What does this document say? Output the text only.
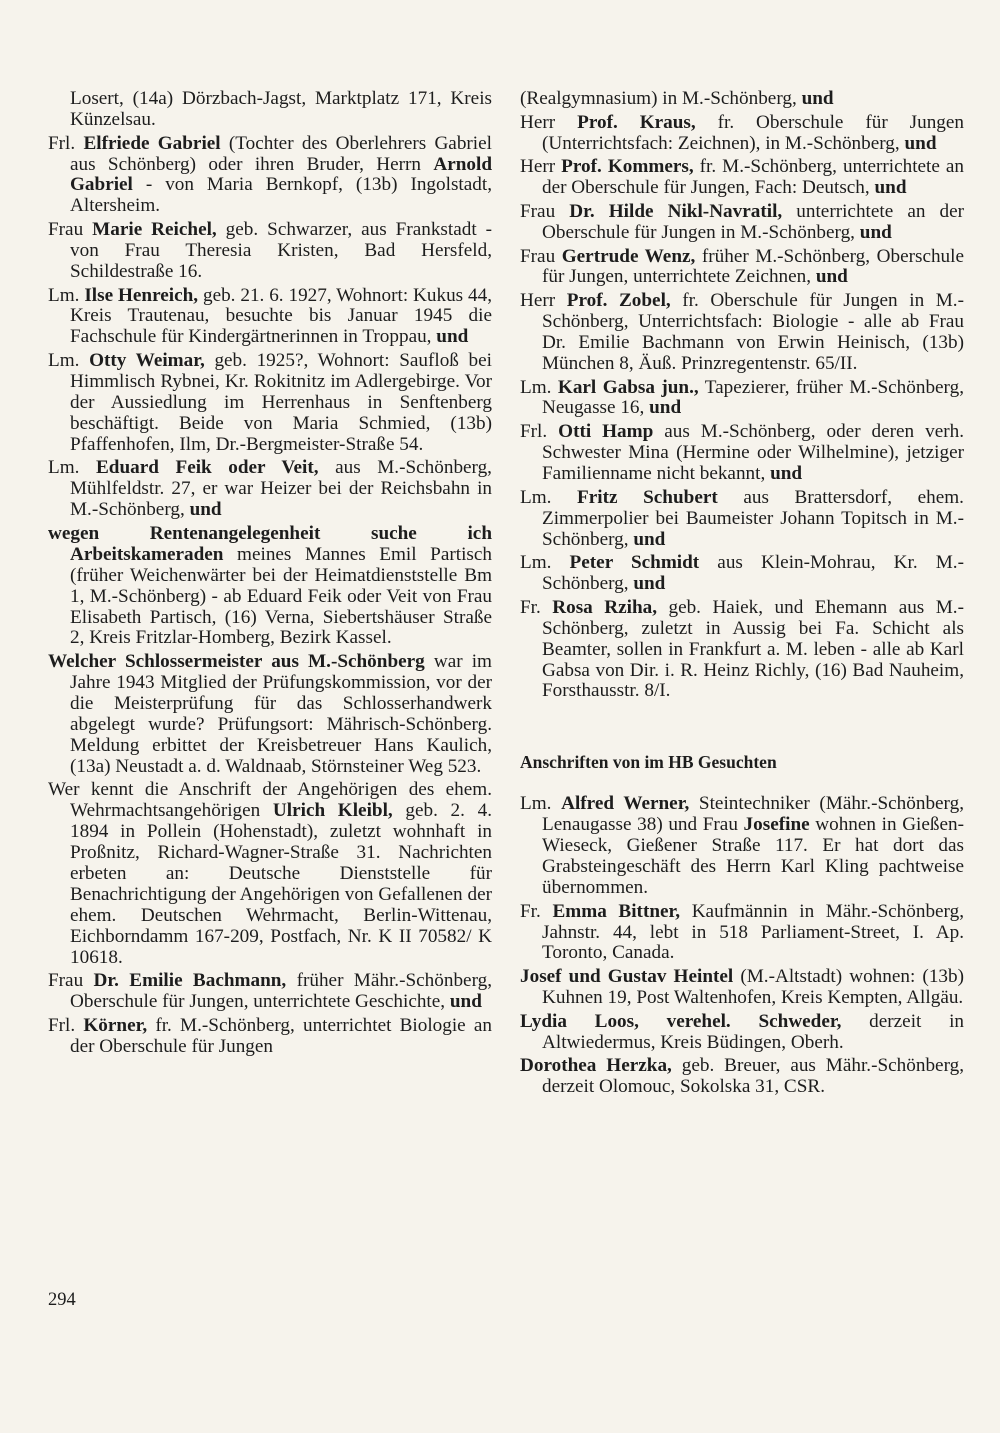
Losert, (14a) Dörzbach-Jagst, Marktplatz 171, Kreis Künzelsau.

Frl. Elfriede Gabriel (Tochter des Oberlehrers Gabriel aus Schönberg) oder ihren Bruder, Herrn Arnold Gabriel - von Maria Bernkopf, (13b) Ingolstadt, Altersheim.

Frau Marie Reichel, geb. Schwarzer, aus Frankstadt - von Frau Theresia Kristen, Bad Hersfeld, Schildestraße 16.

Lm. Ilse Henreich, geb. 21. 6. 1927, Wohnort: Kukus 44, Kreis Trautenau, besuchte bis Januar 1945 die Fachschule für Kindergärtnerinnen in Troppau, und

Lm. Otty Weimar, geb. 1925?, Wohnort: Saufloß bei Himmlisch Rybnei, Kr. Rokitnitz im Adlergebirge. Vor der Aussiedlung im Herrenhaus in Senftenberg beschäftigt. Beide von Maria Schmied, (13b) Pfaffenhofen, Ilm, Dr.-Bergmeister-Straße 54.

Lm. Eduard Feik oder Veit, aus M.-Schönberg, Mühlfeldstr. 27, er war Heizer bei der Reichsbahn in M.-Schönberg, und

wegen Rentenangelegenheit suche ich Arbeitskameraden meines Mannes Emil Partisch (früher Weichenwärter bei der Heimatdienststelle Bm 1, M.-Schönberg) - ab Eduard Feik oder Veit von Frau Elisabeth Partisch, (16) Verna, Siebertshäuser Straße 2, Kreis Fritzlar-Homberg, Bezirk Kassel.

Welcher Schlossermeister aus M.-Schönberg war im Jahre 1943 Mitglied der Prüfungskommission, vor der die Meisterprüfung für das Schlosserhandwerk abgelegt wurde? Prüfungsort: Mährisch-Schönberg. Meldung erbittet der Kreisbetreuer Hans Kaulich, (13a) Neustadt a. d. Waldnaab, Störnsteiner Weg 523.

Wer kennt die Anschrift der Angehörigen des ehem. Wehrmachtsangehörigen Ulrich Kleibl, geb. 2. 4. 1894 in Pollein (Hohenstadt), zuletzt wohnhaft in Proßnitz, Richard-Wagner-Straße 31. Nachrichten erbeten an: Deutsche Dienststelle für Benachrichtigung der Angehörigen von Gefallenen der ehem. Deutschen Wehrmacht, Berlin-Wittenau, Eichborndamm 167-209, Postfach, Nr. K II 70582/ K 10618.

Frau Dr. Emilie Bachmann, früher Mähr.-Schönberg, Oberschule für Jungen, unterrichtete Geschichte, und

Frl. Körner, fr. M.-Schönberg, unterrichtet Biologie an der Oberschule für Jungen

(Realgymnasium) in M.-Schönberg, und

Herr Prof. Kraus, fr. Oberschule für Jungen (Unterrichtsfach: Zeichnen), in M.-Schönberg, und

Herr Prof. Kommers, fr. M.-Schönberg, unterrichtete an der Oberschule für Jungen, Fach: Deutsch, und

Frau Dr. Hilde Nikl-Navratil, unterrichtete an der Oberschule für Jungen in M.-Schönberg, und

Frau Gertrude Wenz, früher M.-Schönberg, Oberschule für Jungen, unterrichtete Zeichnen, und

Herr Prof. Zobel, fr. Oberschule für Jungen in M.-Schönberg, Unterrichtsfach: Biologie - alle ab Frau Dr. Emilie Bachmann von Erwin Heinisch, (13b) München 8, Äuß. Prinzregentenstr. 65/II.

Lm. Karl Gabsa jun., Tapezierer, früher M.-Schönberg, Neugasse 16, und

Frl. Otti Hamp aus M.-Schönberg, oder deren verh. Schwester Mina (Hermine oder Wilhelmine), jetziger Familienname nicht bekannt, und

Lm. Fritz Schubert aus Brattersdorf, ehem. Zimmerpolier bei Baumeister Johann Topitsch in M.-Schönberg, und

Lm. Peter Schmidt aus Klein-Mohrau, Kr. M.-Schönberg, und

Fr. Rosa Rziha, geb. Haiek, und Ehemann aus M.-Schönberg, zuletzt in Aussig bei Fa. Schicht als Beamter, sollen in Frankfurt a. M. leben - alle ab Karl Gabsa von Dir. i. R. Heinz Richly, (16) Bad Nauheim, Forsthausstr. 8/I.

Anschriften von im HB Gesuchten

Lm. Alfred Werner, Steintechniker (Mähr.-Schönberg, Lenaugasse 38) und Frau Josefine wohnen in Gießen-Wieseck, Gießener Straße 117. Er hat dort das Grabsteingeschäft des Herrn Karl Kling pachtweise übernommen.

Fr. Emma Bittner, Kaufmännin in Mähr.-Schönberg, Jahnstr. 44, lebt in 518 Parliament-Street, I. Ap. Toronto, Canada.

Josef und Gustav Heintel (M.-Altstadt) wohnen: (13b) Kuhnen 19, Post Waltenhofen, Kreis Kempten, Allgäu.

Lydia Loos, verehel. Schweder, derzeit in Altwiedermus, Kreis Büdingen, Oberh.

Dorothea Herzka, geb. Breuer, aus Mähr.-Schönberg, derzeit Olomouc, Sokolska 31, CSR.

294
